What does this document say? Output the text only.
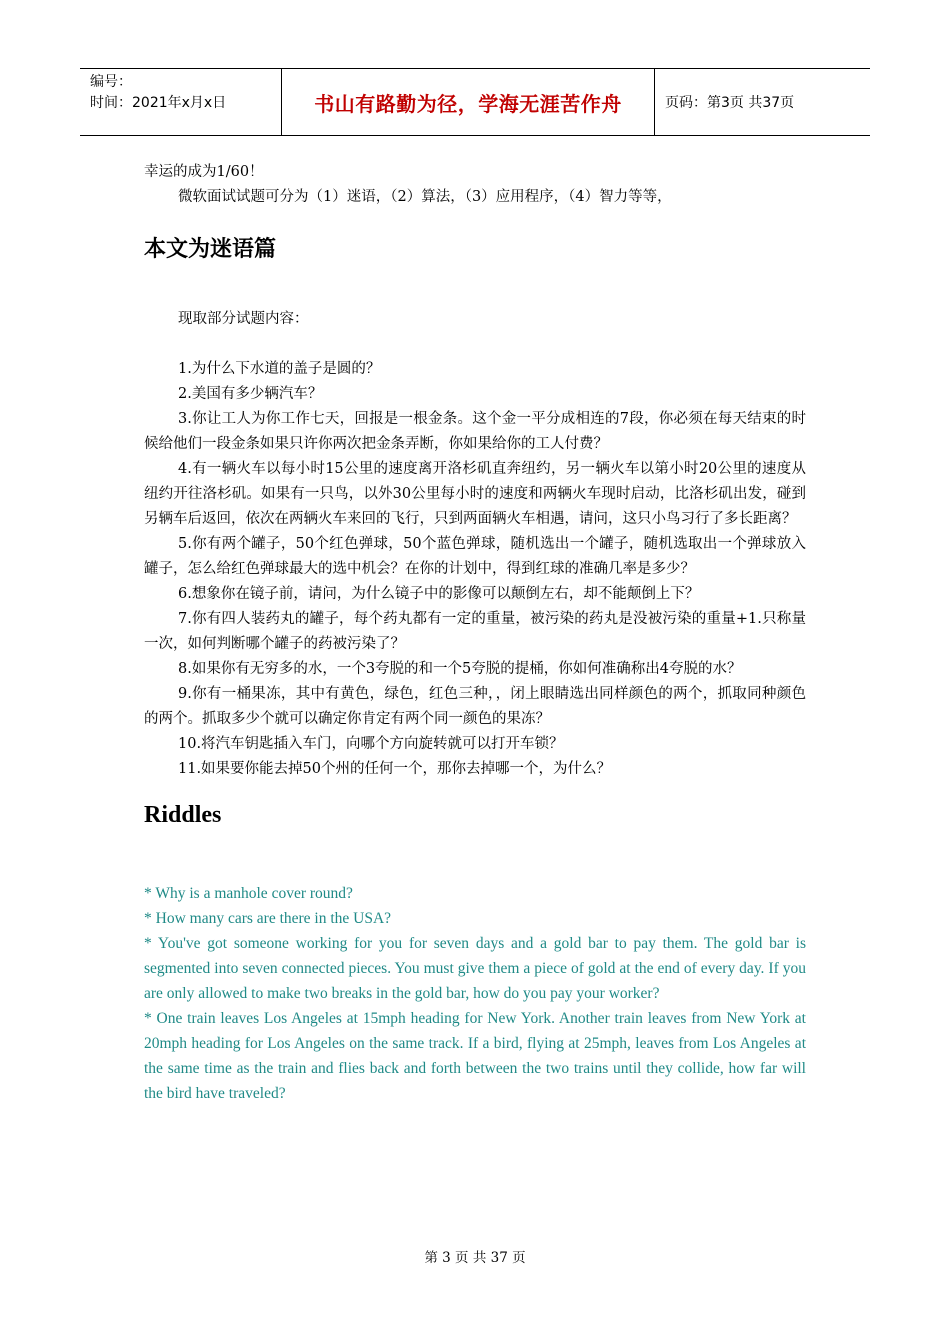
编号：
时间：2021年x月x日	书山有路勤为径，学海无涯苦作舟	页码：第3页 共37页

幸运的成为1/60！

微软面试试题可分为（1）迷语，（2）算法，（3）应用程序，（4）智力等等，

本文为迷语篇

现取部分试题内容：

1.为什么下水道的盖子是圆的？

2.美国有多少辆汽车？

3.你让工人为你工作七天，回报是一根金条。这个金一平分成相连的7段，你必须在每天结束的时候给他们一段金条如果只许你两次把金条弄断，你如果给你的工人付费？

4.有一辆火车以每小时15公里的速度离开洛杉矶直奔纽约，另一辆火车以第小时20公里的速度从纽约开往洛杉矶。如果有一只鸟，以外30公里每小时的速度和两辆火车现时启动，比洛杉矶出发，碰到另辆车后返回，依次在两辆火车来回的飞行，只到两面辆火车相遇，请问，这只小鸟习行了多长距离？

5.你有两个罐子，50个红色弹球，50个蓝色弹球，随机选出一个罐子，随机选取出一个弹球放入罐子，怎么给红色弹球最大的选中机会？在你的计划中，得到红球的准确几率是多少？

6.想象你在镜子前，请问，为什么镜子中的影像可以颠倒左右，却不能颠倒上下？

7.你有四人装药丸的罐子，每个药丸都有一定的重量，被污染的药丸是没被污染的重量+1.只称量一次，如何判断哪个罐子的药被污染了？

8.如果你有无穷多的水，一个3夸脱的和一个5夸脱的提桶，你如何准确称出4夸脱的水？

9.你有一桶果冻，其中有黄色，绿色，红色三种，，闭上眼睛选出同样颜色的两个，抓取同种颜色的两个。抓取多少个就可以确定你肯定有两个同一颜色的果冻？

10.将汽车钥匙插入车门，向哪个方向旋转就可以打开车锁？

11.如果要你能去掉50个州的任何一个，那你去掉哪一个，为什么？

Riddles

* Why is a manhole cover round?

* How many cars are there in the USA?

* You've got someone working for you for seven days and a gold bar to pay them. The gold bar is segmented into seven connected pieces. You must give them a piece of gold at the end of every day. If you are only allowed to make two breaks in the gold bar, how do you pay your worker?

* One train leaves Los Angeles at 15mph heading for New York. Another train leaves from New York at 20mph heading for Los Angeles on the same track. If a bird, flying at 25mph, leaves from Los Angeles at the same time as the train and flies back and forth between the two trains until they collide, how far will the bird have traveled?

第 3 页 共 37 页
